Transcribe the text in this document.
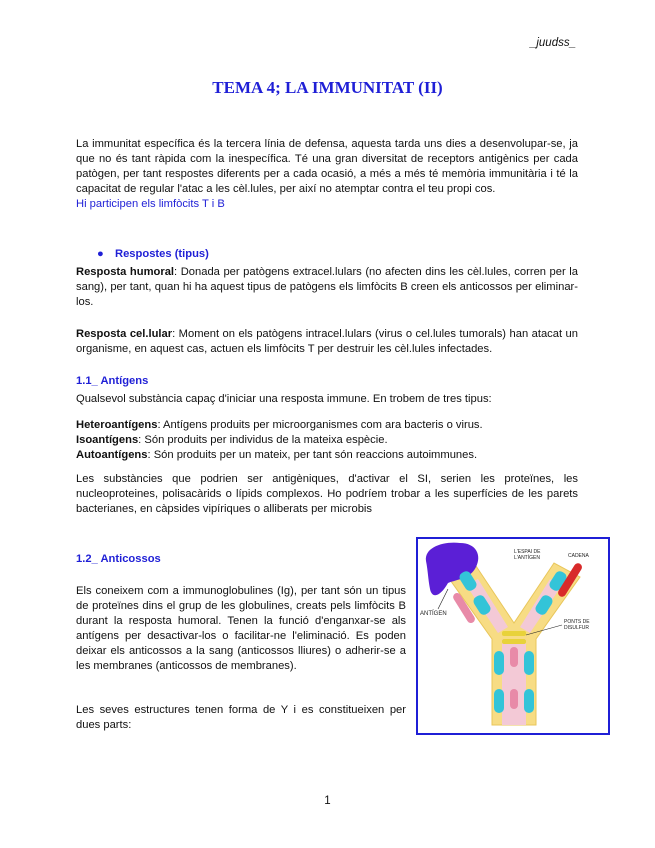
_juudss_
TEMA 4; LA IMMUNITAT (II)
La immunitat específica és la tercera línia de defensa, aquesta tarda uns dies a desenvolupar-se, ja que no és tant ràpida com la inespecífica. Té una gran diversitat de receptors antigènics per cada patògen, per tant respostes diferents per a cada ocasió, a més a més té memòria immunitària i té la capacitat de regular l'atac a les cèl.lules, per així no atemptar contra el teu propi cos.
Hi participen els limfòcits T i B
● Respostes (tipus)
Resposta humoral: Donada per patògens extracel.lulars (no afecten dins les cèl.lules, corren per la sang), per tant, quan hi ha aquest tipus de patògens els limfòcits B creen els anticossos per eliminar-los.
Resposta cel.lular: Moment on els patògens intracel.lulars (virus o cel.lules tumorals) han atacat un organisme, en aquest cas, actuen els limfòcits T per destruir les cèl.lules infectades.
1.1_ Antígens
Qualsevol substància capaç d'iniciar una resposta immune. En trobem de tres tipus:
Heteroantígens: Antígens produits per microorganismes com ara bacteris o virus.
Isoantígens: Són produits per individus de la mateixa espècie.
Autoantígens: Són produits per un mateix, per tant són reaccions autoimmunes.
Les substàncies que podrien ser antigèniques, d'activar el SI, serien les proteïnes, les nucleoproteines, polisacàrids o lípids complexos. Ho podríem trobar a les superfícies de les parets bacterianes, en càpsides vipíriques o alliberats per microbis
1.2_ Anticossos
Els coneixem com a immunoglobulines (Ig), per tant són un tipus de proteïnes dins el grup de les globulines, creats pels limfòcits B durant la resposta humoral. Tenen la funció d'enganxar-se als antígens per desactivar-los o facilitar-ne l'eliminació. Es poden deixar els anticossos a la sang (anticossos lliures) o adherir-se a les membranes (anticossos de membranes).
Les seves estructures tenen forma de Y i es constitueixen per dues parts:
ANTÍGEN
L'ESPAI DE
L'ANTÍGEN	CADENA
PONTS DE
DISULFUR
1
